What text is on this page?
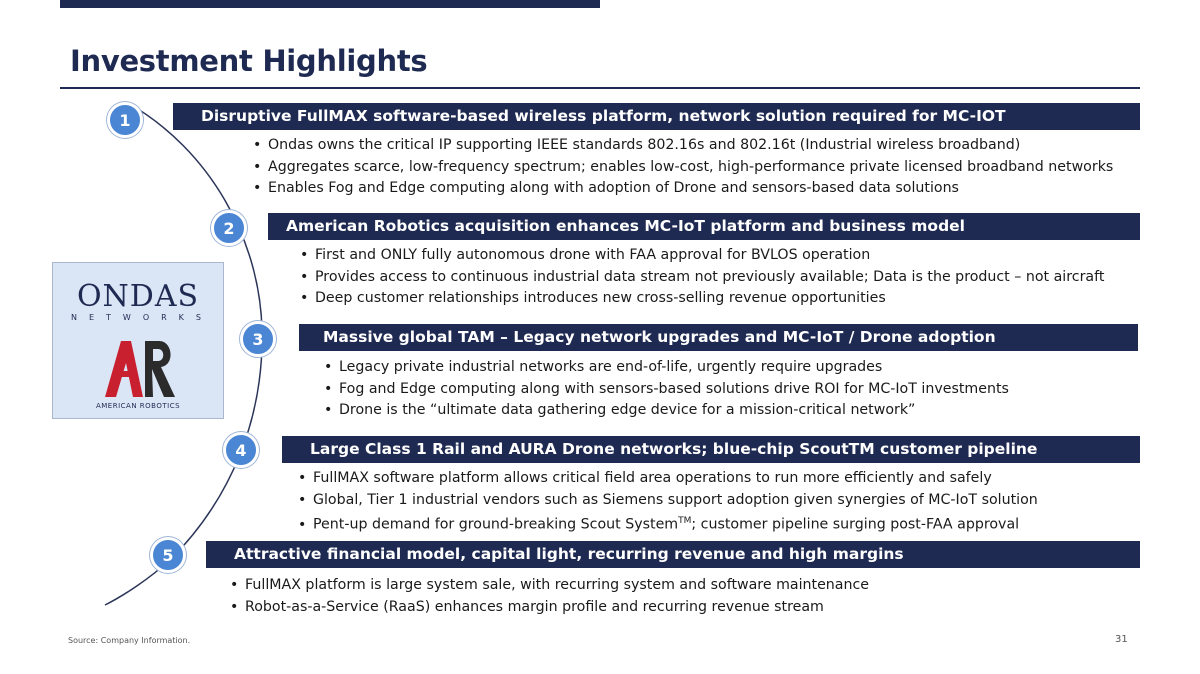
Investment Highlights
ONDAS
NETWORKS
AMERICAN ROBOTICS
1	Disruptive FullMAX software-based wireless platform, network solution required for MC-IOT
• Ondas owns the critical IP supporting IEEE standards 802.16s and 802.16t (Industrial wireless broadband)
• Aggregates scarce, low-frequency spectrum; enables low-cost, high-performance private licensed broadband networks
• Enables Fog and Edge computing along with adoption of Drone and sensors-based data solutions
2	American Robotics acquisition enhances MC-IoT platform and business model
• First and ONLY fully autonomous drone with FAA approval for BVLOS operation
• Provides access to continuous industrial data stream not previously available; Data is the product – not aircraft
• Deep customer relationships introduces new cross-selling revenue opportunities
3	Massive global TAM – Legacy network upgrades and MC-IoT / Drone adoption
• Legacy private industrial networks are end-of-life, urgently require upgrades
• Fog and Edge computing along with sensors-based solutions drive ROI for MC-IoT investments
• Drone is the “ultimate data gathering edge device for a mission-critical network”
4	Large Class 1 Rail and AURA Drone networks; blue-chip ScoutTM customer pipeline
• FullMAX software platform allows critical field area operations to run more efficiently and safely
• Global, Tier 1 industrial vendors such as Siemens support adoption given synergies of MC-IoT solution
• Pent-up demand for ground-breaking Scout System™; customer pipeline surging post-FAA approval
5	Attractive financial model, capital light, recurring revenue and high margins
• FullMAX platform is large system sale, with recurring system and software maintenance
• Robot-as-a-Service (RaaS) enhances margin profile and recurring revenue stream
Source: Company Information.	31
